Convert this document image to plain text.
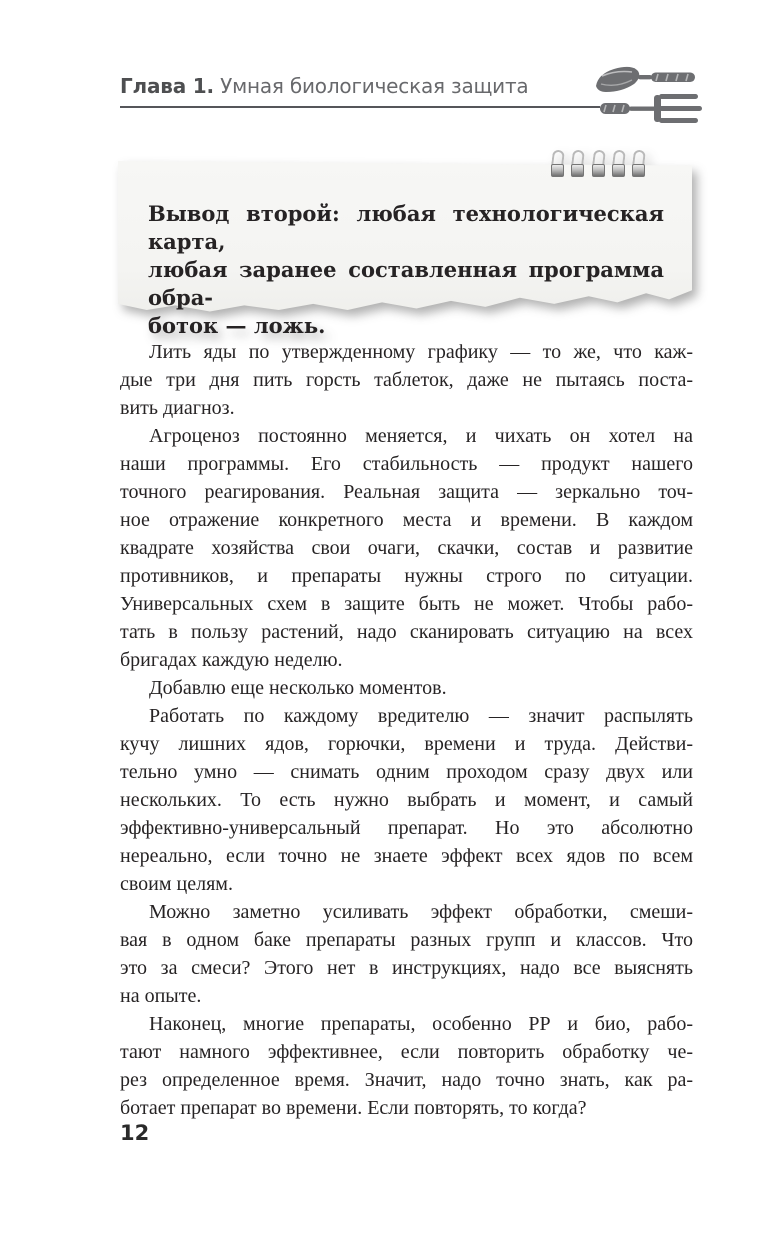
Глава 1. Умная биологическая защита
Вывод второй: любая технологическая карта,
любая заранее составленная программа обра-
боток — ложь.
Лить яды по утвержденному графику — то же, что каж-
дые три дня пить горсть таблеток, даже не пытаясь поста-
вить диагноз.
Агроценоз постоянно меняется, и чихать он хотел на
наши программы. Его стабильность — продукт нашего
точного реагирования. Реальная защита — зеркально точ-
ное отражение конкретного места и времени. В каждом
квадрате хозяйства свои очаги, скачки, состав и развитие
противников, и препараты нужны строго по ситуации.
Универсальных схем в защите быть не может. Чтобы рабо-
тать в пользу растений, надо сканировать ситуацию на всех
бригадах каждую неделю.
Добавлю еще несколько моментов.
Работать по каждому вредителю — значит распылять
кучу лишних ядов, горючки, времени и труда. Действи-
тельно умно — снимать одним проходом сразу двух или
нескольких. То есть нужно выбрать и момент, и самый
эффективно-универсальный препарат. Но это абсолютно
нереально, если точно не знаете эффект всех ядов по всем
своим целям.
Можно заметно усиливать эффект обработки, смеши-
вая в одном баке препараты разных групп и классов. Что
это за смеси? Этого нет в инструкциях, надо все выяснять
на опыте.
Наконец, многие препараты, особенно РР и био, рабо-
тают намного эффективнее, если повторить обработку че-
рез определенное время. Значит, надо точно знать, как ра-
ботает препарат во времени. Если повторять, то когда?
12
